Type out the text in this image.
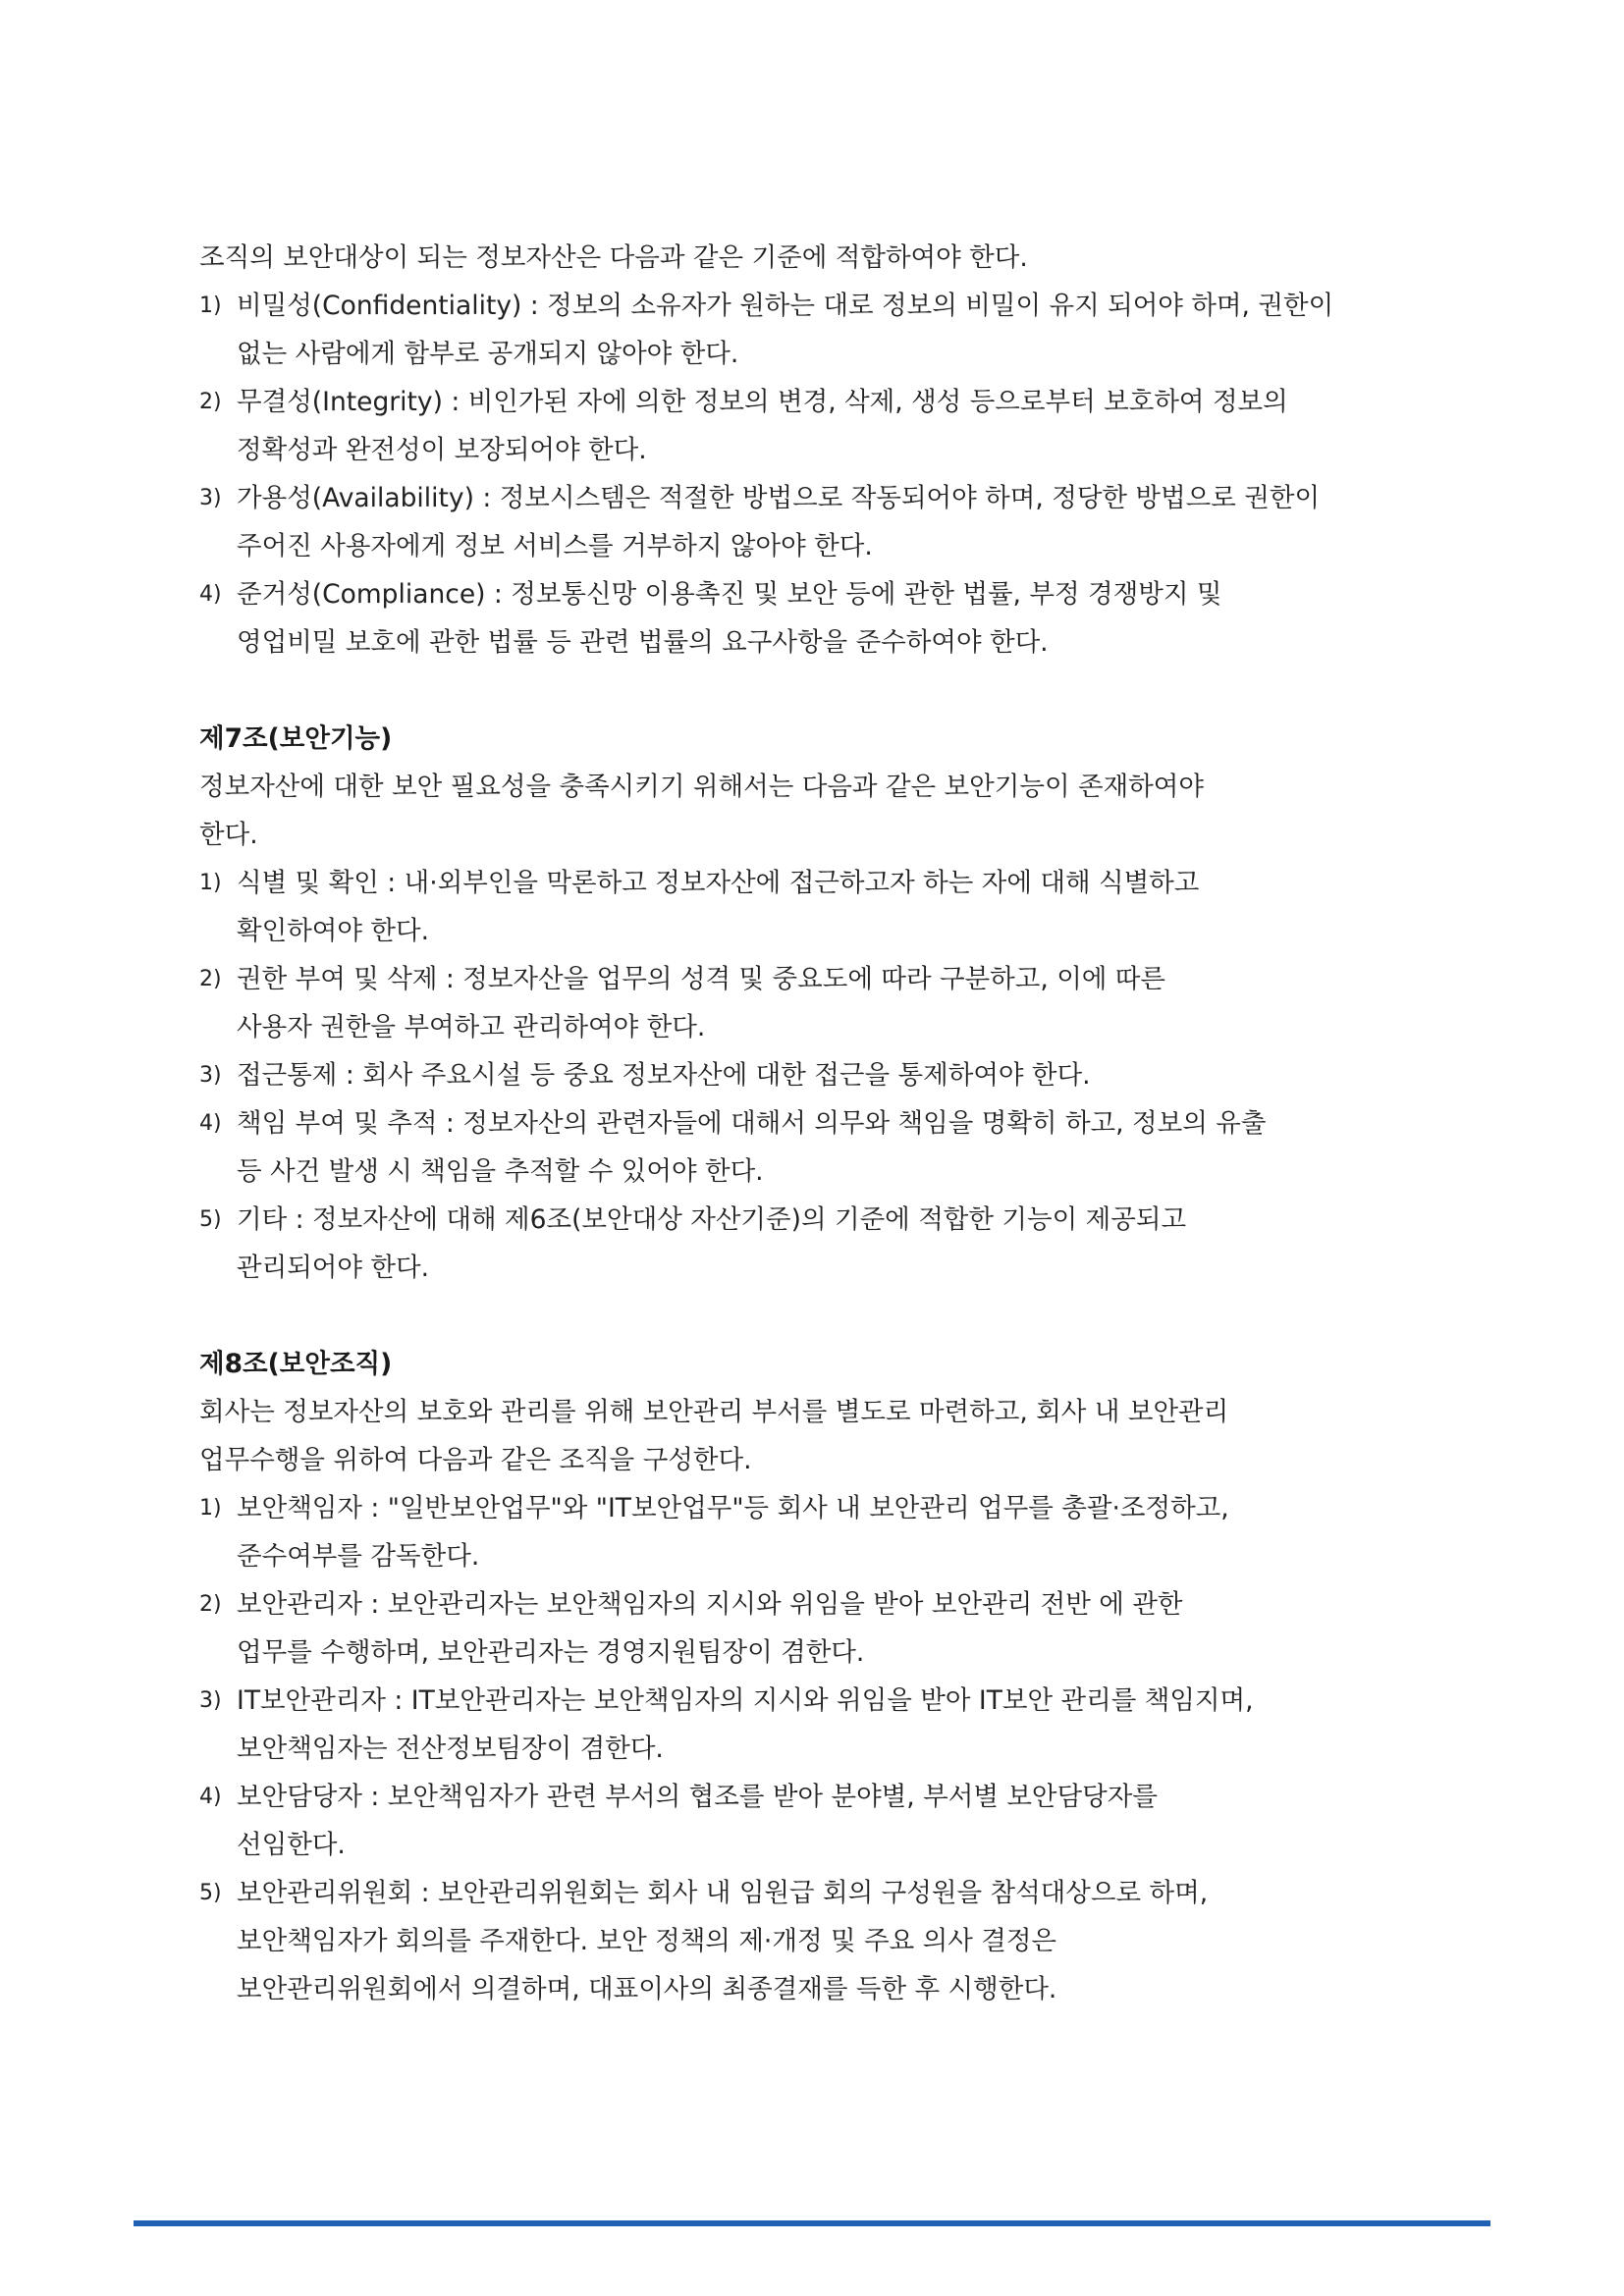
조직의 보안대상이 되는 정보자산은 다음과 같은 기준에 적합하여야 한다.

1) 비밀성(Confidentiality) : 정보의 소유자가 원하는 대로 정보의 비밀이 유지 되어야 하며, 권한이
없는 사람에게 함부로 공개되지 않아야 한다.
2) 무결성(Integrity) : 비인가된 자에 의한 정보의 변경, 삭제, 생성 등으로부터 보호하여 정보의
정확성과 완전성이 보장되어야 한다.
3) 가용성(Availability) : 정보시스템은 적절한 방법으로 작동되어야 하며, 정당한 방법으로 권한이
주어진 사용자에게 정보 서비스를 거부하지 않아야 한다.
4) 준거성(Compliance) : 정보통신망 이용촉진 및 보안 등에 관한 법률, 부정 경쟁방지 및
영업비밀 보호에 관한 법률 등 관련 법률의 요구사항을 준수하여야 한다.
제7조(보안기능)

정보자산에 대한 보안 필요성을 충족시키기 위해서는 다음과 같은 보안기능이 존재하여야
한다.

1) 식별 및 확인 : 내·외부인을 막론하고 정보자산에 접근하고자 하는 자에 대해 식별하고
확인하여야 한다.
2) 권한 부여 및 삭제 : 정보자산을 업무의 성격 및 중요도에 따라 구분하고, 이에 따른
사용자 권한을 부여하고 관리하여야 한다.
3) 접근통제 : 회사 주요시설 등 중요 정보자산에 대한 접근을 통제하여야 한다.
4) 책임 부여 및 추적 : 정보자산의 관련자들에 대해서 의무와 책임을 명확히 하고, 정보의 유출
등 사건 발생 시 책임을 추적할 수 있어야 한다.
5) 기타 : 정보자산에 대해 제6조(보안대상 자산기준)의 기준에 적합한 기능이 제공되고
관리되어야 한다.
제8조(보안조직)

회사는 정보자산의 보호와 관리를 위해 보안관리 부서를 별도로 마련하고, 회사 내 보안관리
업무수행을 위하여 다음과 같은 조직을 구성한다.

1) 보안책임자 : "일반보안업무"와 "IT보안업무"등 회사 내 보안관리 업무를 총괄·조정하고,
준수여부를 감독한다.
2) 보안관리자 : 보안관리자는 보안책임자의 지시와 위임을 받아 보안관리 전반 에 관한
업무를 수행하며, 보안관리자는 경영지원팀장이 겸한다.
3) IT보안관리자 : IT보안관리자는 보안책임자의 지시와 위임을 받아 IT보안 관리를 책임지며,
보안책임자는 전산정보팀장이 겸한다.
4) 보안담당자 : 보안책임자가 관련 부서의 협조를 받아 분야별, 부서별 보안담당자를
선임한다.
5) 보안관리위원회 : 보안관리위원회는 회사 내 임원급 회의 구성원을 참석대상으로 하며,
보안책임자가 회의를 주재한다. 보안 정책의 제·개정 및 주요 의사 결정은
보안관리위원회에서 의결하며, 대표이사의 최종결재를 득한 후 시행한다.
